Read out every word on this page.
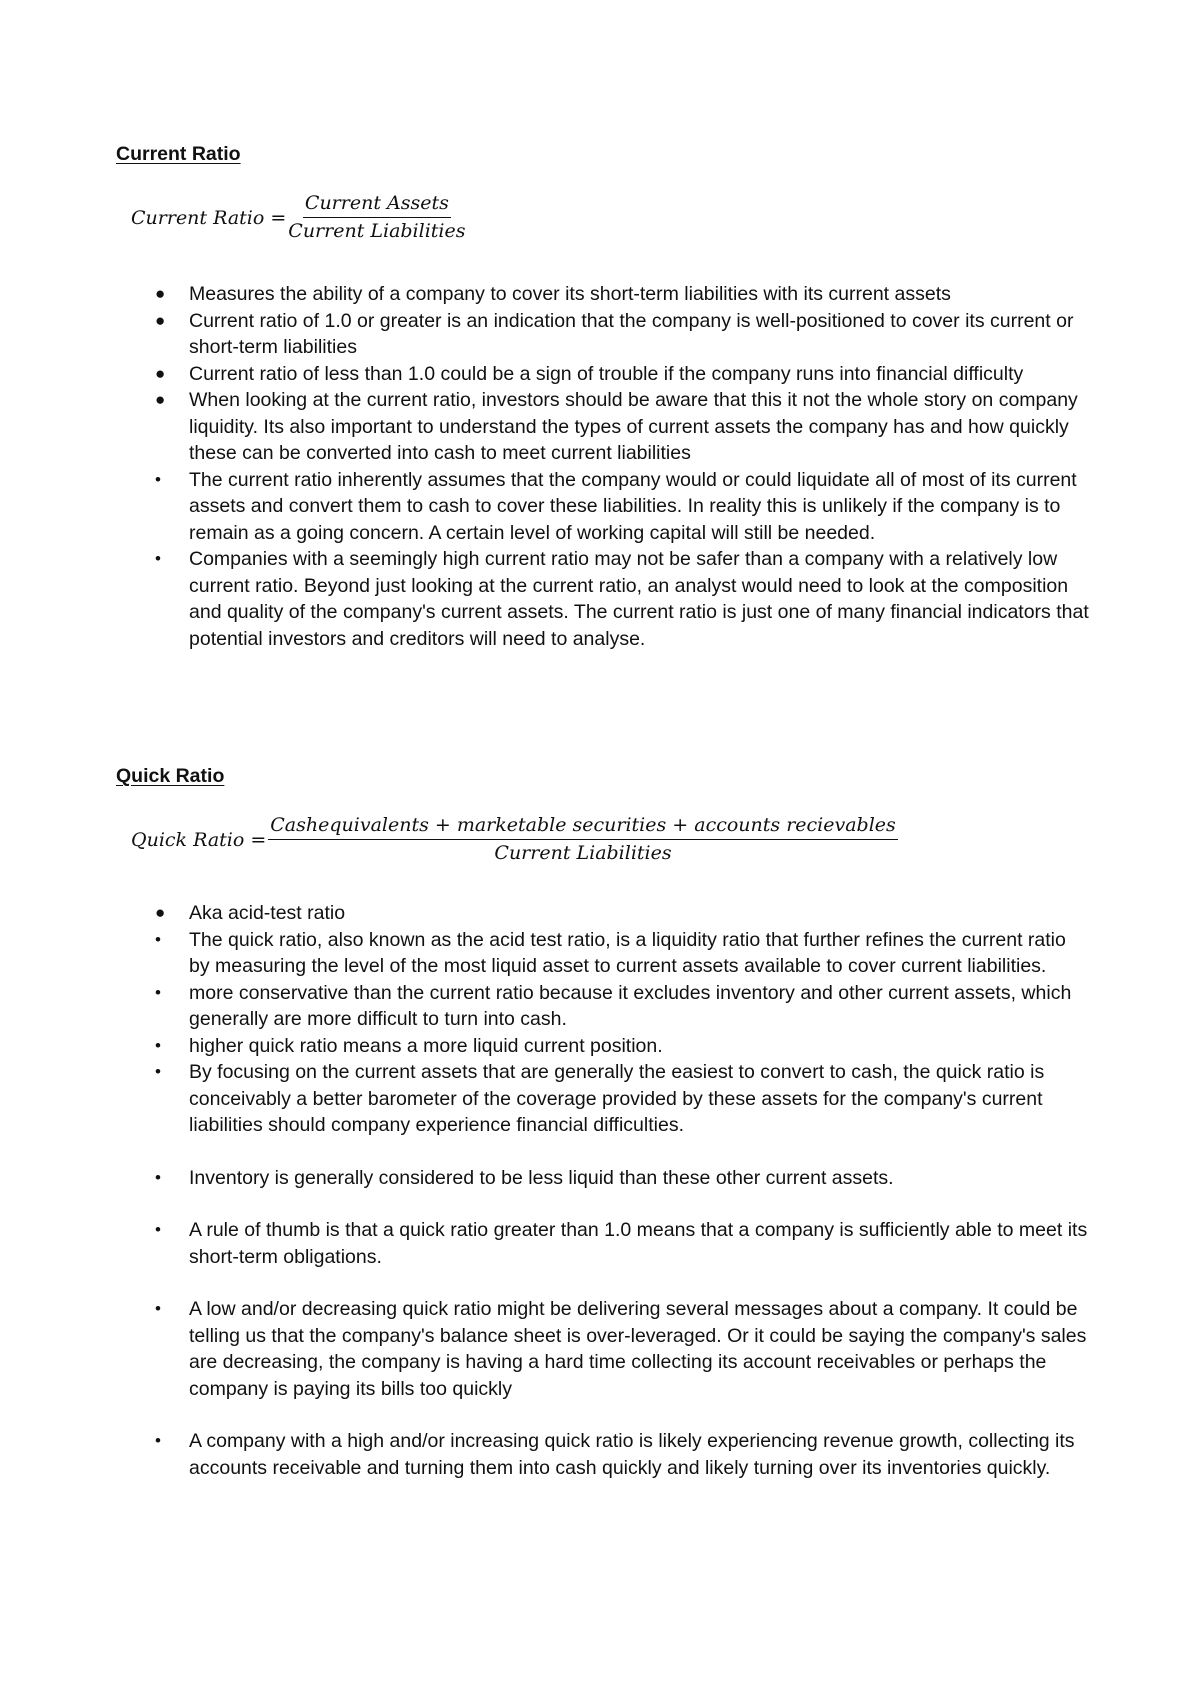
Current Ratio
Current Ratio = $\frac{\text{Current Assets}}{\text{Current Liabilities}}$
● Measures the ability of a company to cover its short-term liabilities with its current assets
● Current ratio of 1.0 or greater is an indication that the company is well-positioned to cover its current or short-term liabilities
● Current ratio of less than 1.0 could be a sign of trouble if the company runs into financial difficulty
● When looking at the current ratio, investors should be aware that this it not the whole story on company liquidity. Its also important to understand the types of current assets the company has and how quickly these can be converted into cash to meet current liabilities
• The current ratio inherently assumes that the company would or could liquidate all of most of its current assets and convert them to cash to cover these liabilities. In reality this is unlikely if the company is to remain as a going concern. A certain level of working capital will still be needed.
• Companies with a seemingly high current ratio may not be safer than a company with a relatively low current ratio. Beyond just looking at the current ratio, an analyst would need to look at the composition and quality of the company's current assets. The current ratio is just one of many financial indicators that potential investors and creditors will need to analyse.
Quick Ratio
Quick Ratio =
Cashequivalents + marketable securities + accounts recievables
Current Liabilities
● Aka acid-test ratio
• The quick ratio, also known as the acid test ratio, is a liquidity ratio that further refines the current ratio by measuring the level of the most liquid asset to current assets available to cover current liabilities.
• more conservative than the current ratio because it excludes inventory and other current assets, which generally are more difficult to turn into cash.
• higher quick ratio means a more liquid current position.
• By focusing on the current assets that are generally the easiest to convert to cash, the quick ratio is conceivably a better barometer of the coverage provided by these assets for the company's current liabilities should company experience financial difficulties.
• Inventory is generally considered to be less liquid than these other current assets.
• A rule of thumb is that a quick ratio greater than 1.0 means that a company is sufficiently able to meet its short-term obligations.
• A low and/or decreasing quick ratio might be delivering several messages about a company. It could be telling us that the company's balance sheet is over-leveraged. Or it could be saying the company's sales are decreasing, the company is having a hard time collecting its account receivables or perhaps the company is paying its bills too quickly
• A company with a high and/or increasing quick ratio is likely experiencing revenue growth, collecting its accounts receivable and turning them into cash quickly and likely turning over its inventories quickly.
